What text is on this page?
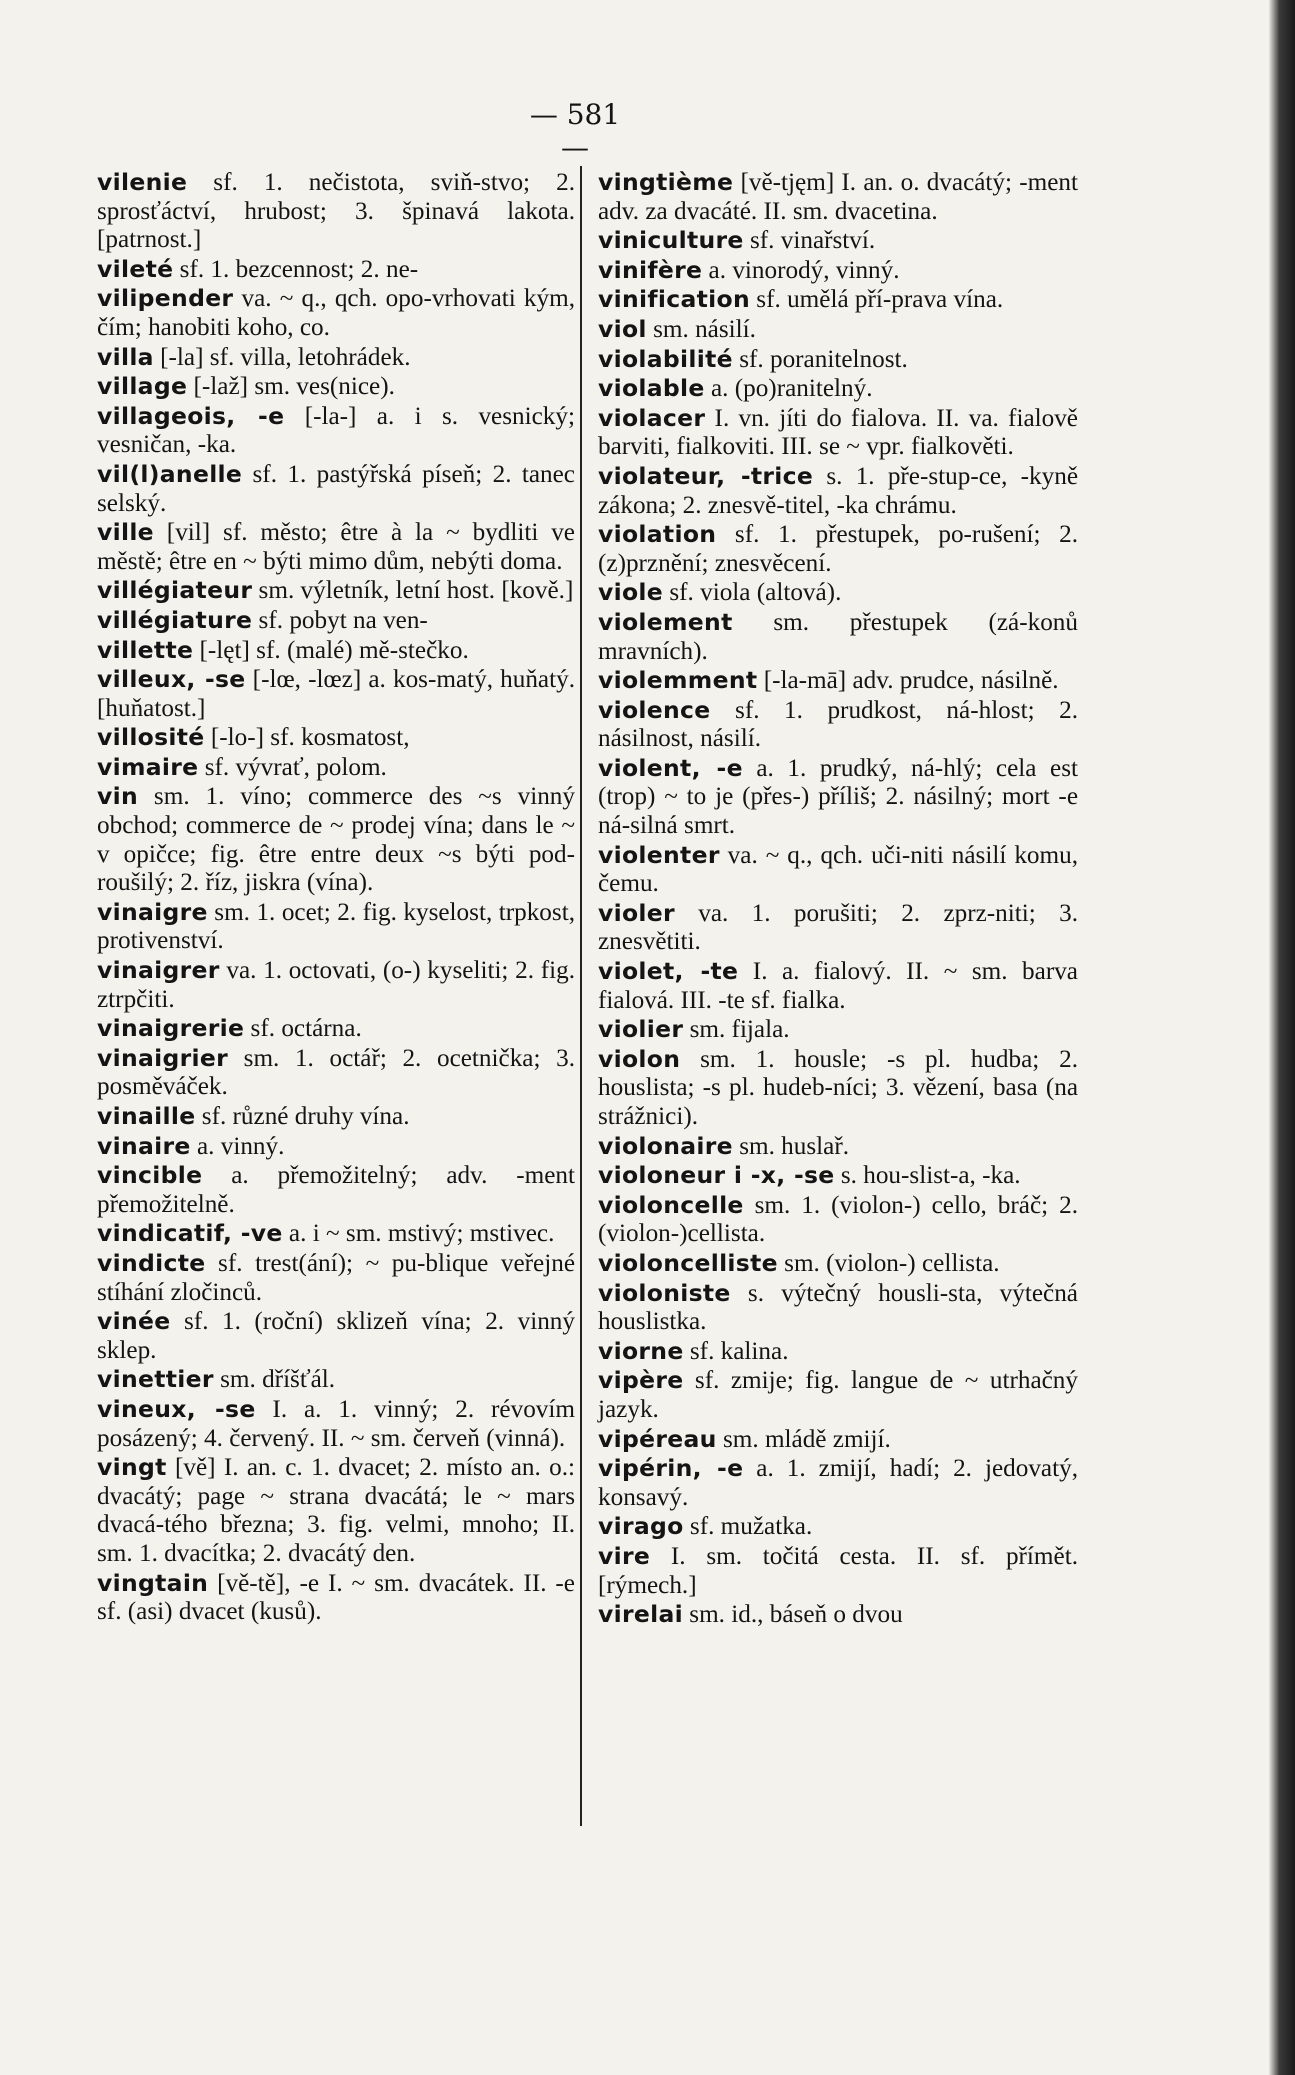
— 581 —
vilenie sf. 1. nečistota, sviň-stvo; 2. sprosťáctví, hrubost; 3. špinavá lakota. [patrnost.]
vileté sf. 1. bezcennost; 2. ne-
vilipender va. ~ q., qch. opo-vrhovati kým, čím; hanobiti koho, co.
villa [-la] sf. villa, letohrádek.
village [-laž] sm. ves(nice).
villageois, -e [-la-] a. i s. vesnický; vesničan, -ka.
vil(l)anelle sf. 1. pastýřská píseň; 2. tanec selský.
ville [vil] sf. město; être à la ~ bydliti ve městě; être en ~ býti mimo dům, nebýti doma.
villégiateur sm. výletník, letní host. [kově.]
villégiature sf. pobyt na ven-
villette [-lęt] sf. (malé) mě-stečko.
villeux, -se [-lœ, -lœz] a. kos-matý, huňatý. [huňatost.]
villosité [-lo-] sf. kosmatost,
vimaire sf. vývrať, polom.
vin sm. 1. víno; commerce des ~s vinný obchod; commerce de ~ prodej vína; dans le ~ v opičce; fig. être entre deux ~s býti pod-roušilý; 2. říz, jiskra (vína).
vinaigre sm. 1. ocet; 2. fig. kyselost, trpkost, protivenství.
vinaigrer va. 1. octovati, (o-) kyseliti; 2. fig. ztrpčiti.
vinaigrerie sf. octárna.
vinaigrier sm. 1. octář; 2. ocetnička; 3. posměváček.
vinaille sf. různé druhy vína.
vinaire a. vinný.
vincible a. přemožitelný; adv. -ment přemožitelně.
vindicatif, -ve a. i ~ sm. mstivý; mstivec.
vindicte sf. trest(ání); ~ pu-blique veřejné stíhání zločinců.
vinée sf. 1. (roční) sklizeň vína; 2. vinný sklep.
vinettier sm. dříšťál.
vineux, -se I. a. 1. vinný; 2. révovím posázený; 4. červený. II. ~ sm. červeň (vinná).
vingt [vě] I. an. c. 1. dvacet; 2. místo an. o.: dvacátý; page ~ strana dvacátá; le ~ mars dvacá-tého března; 3. fig. velmi, mnoho; II. sm. 1. dvacítka; 2. dvacátý den.
vingtain [vě-tě], -e I. ~ sm. dvacátek. II. -e sf. (asi) dvacet (kusů).
vingtième [vě-tjęm] I. an. o. dvacátý; -ment adv. za dvacáté. II. sm. dvacetina.
viniculture sf. vinařství.
vinifère a. vinorodý, vinný.
vinification sf. umělá pří-prava vína.
viol sm. násilí.
violabilité sf. poranitelnost.
violable a. (po)ranitelný.
violacer I. vn. jíti do fialova. II. va. fialově barviti, fialkoviti. III. se ~ vpr. fialkověti.
violateur, -trice s. 1. pře-stup-ce, -kyně zákona; 2. znesvě-titel, -ka chrámu.
violation sf. 1. přestupek, po-rušení; 2. (z)prznění; znesvěcení.
viole sf. viola (altová).
violement sm. přestupek (zá-konů mravních).
violemment [-la-mā] adv. prudce, násilně.
violence sf. 1. prudkost, ná-hlost; 2. násilnost, násilí.
violent, -e a. 1. prudký, ná-hlý; cela est (trop) ~ to je (přes-) příliš; 2. násilný; mort -e ná-silná smrt.
violenter va. ~ q., qch. uči-niti násilí komu, čemu.
violer va. 1. porušiti; 2. zprz-niti; 3. znesvětiti.
violet, -te I. a. fialový. II. ~ sm. barva fialová. III. -te sf. fialka.
violier sm. fijala.
violon sm. 1. housle; -s pl. hudba; 2. houslista; -s pl. hudeb-níci; 3. vězení, basa (na strážnici).
violonaire sm. huslař.
violoneur i -x, -se s. hou-slist-a, -ka.
violoncelle sm. 1. (violon-) cello, bráč; 2. (violon-)cellista.
violoncelliste sm. (violon-) cellista.
violoniste s. výtečný housli-sta, výtečná houslistka.
viorne sf. kalina.
vipère sf. zmije; fig. langue de ~ utrhačný jazyk.
vipéreau sm. mládě zmijí.
vipérin, -e a. 1. zmijí, hadí; 2. jedovatý, konsavý.
virago sf. mužatka.
vire I. sm. točitá cesta. II. sf. přímět. [rýmech.]
virelai sm. id., báseň o dvou
